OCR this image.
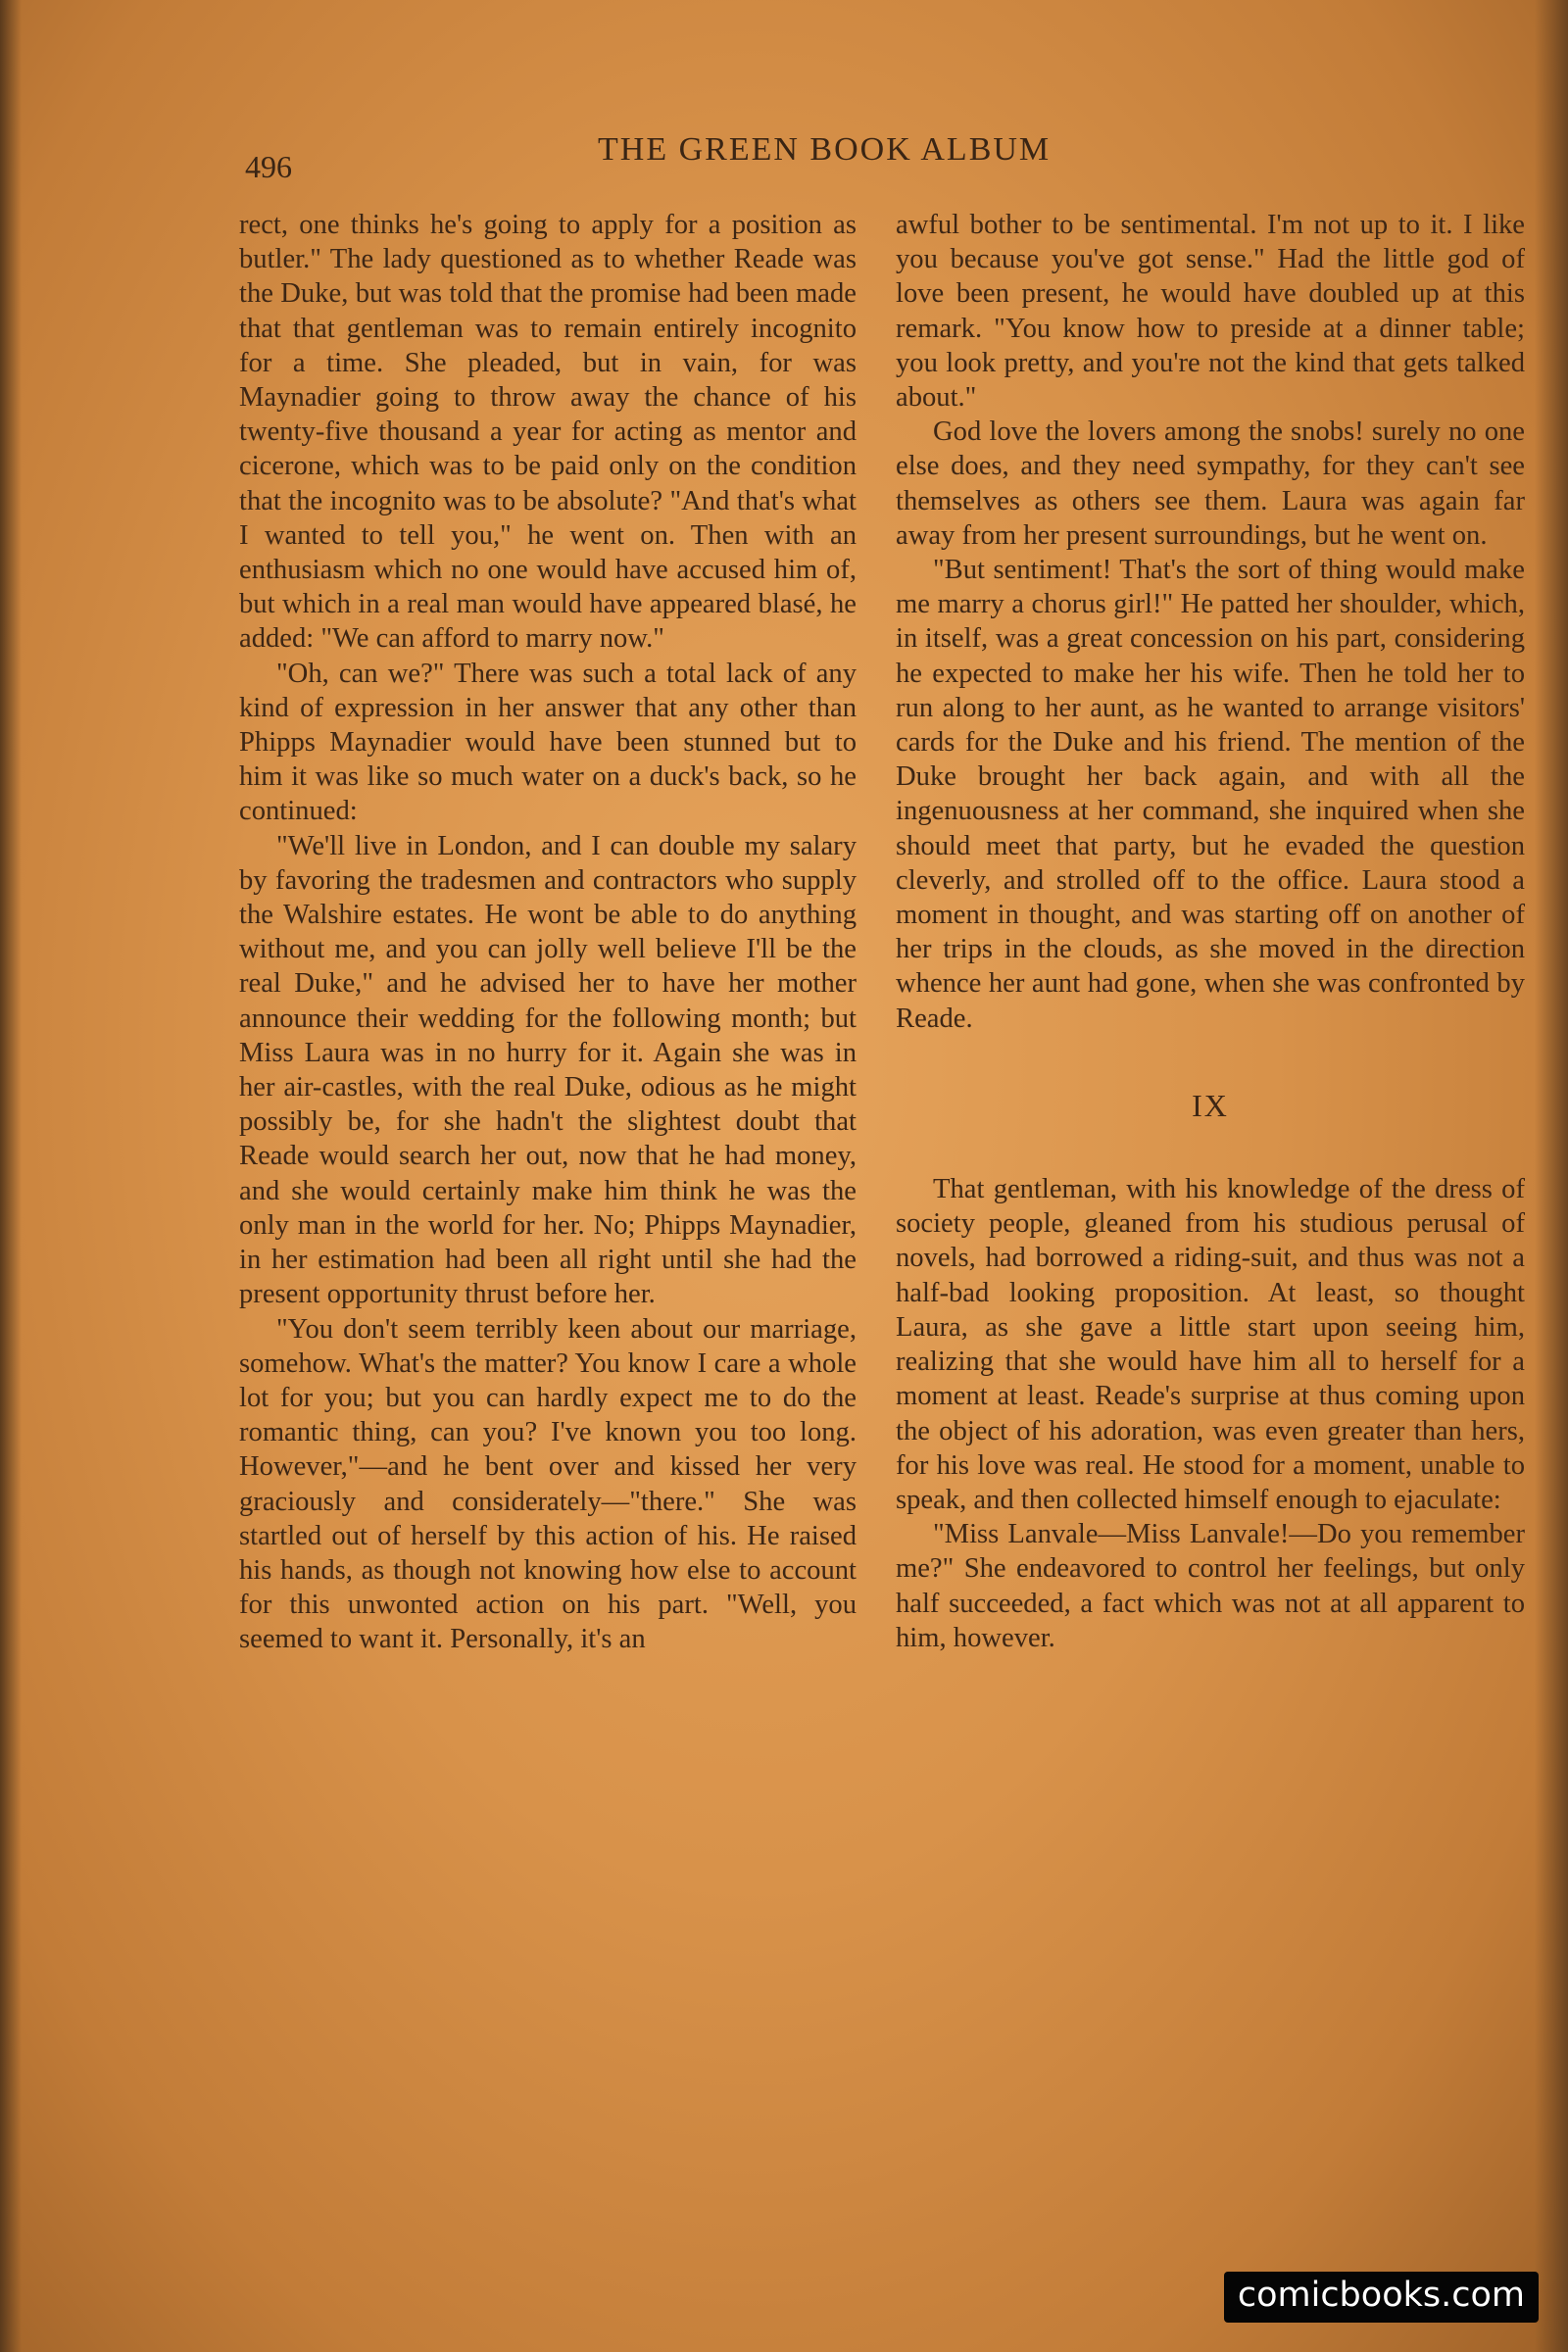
496	THE GREEN BOOK ALBUM

rect, one thinks he's going to apply for a position as butler." The lady questioned as to whether Reade was the Duke, but was told that the promise had been made that that gentleman was to remain entirely incognito for a time. She pleaded, but in vain, for was Maynadier going to throw away the chance of his twenty-five thousand a year for acting as mentor and cicerone, which was to be paid only on the condition that the incognito was to be absolute? "And that's what I wanted to tell you," he went on. Then with an enthusiasm which no one would have accused him of, but which in a real man would have appeared blasé, he added: "We can afford to marry now."

"Oh, can we?" There was such a total lack of any kind of expression in her answer that any other than Phipps Maynadier would have been stunned but to him it was like so much water on a duck's back, so he continued:

"We'll live in London, and I can double my salary by favoring the tradesmen and contractors who supply the Walshire estates. He wont be able to do anything without me, and you can jolly well believe I'll be the real Duke," and he advised her to have her mother announce their wedding for the following month; but Miss Laura was in no hurry for it. Again she was in her air-castles, with the real Duke, odious as he might possibly be, for she hadn't the slightest doubt that Reade would search her out, now that he had money, and she would certainly make him think he was the only man in the world for her. No; Phipps Maynadier, in her estimation had been all right until she had the present opportunity thrust before her.

"You don't seem terribly keen about our marriage, somehow. What's the matter? You know I care a whole lot for you; but you can hardly expect me to do the romantic thing, can you? I've known you too long. However,"—and he bent over and kissed her very graciously and considerately—"there." She was startled out of herself by this action of his. He raised his hands, as though not knowing how else to account for this unwonted action on his part. "Well, you seemed to want it. Personally, it's an

awful bother to be sentimental. I'm not up to it. I like you because you've got sense." Had the little god of love been present, he would have doubled up at this remark. "You know how to preside at a dinner table; you look pretty, and you're not the kind that gets talked about."

God love the lovers among the snobs! surely no one else does, and they need sympathy, for they can't see themselves as others see them. Laura was again far away from her present surroundings, but he went on.

"But sentiment! That's the sort of thing would make me marry a chorus girl!" He patted her shoulder, which, in itself, was a great concession on his part, considering he expected to make her his wife. Then he told her to run along to her aunt, as he wanted to arrange visitors' cards for the Duke and his friend. The mention of the Duke brought her back again, and with all the ingenuousness at her command, she inquired when she should meet that party, but he evaded the question cleverly, and strolled off to the office. Laura stood a moment in thought, and was starting off on another of her trips in the clouds, as she moved in the direction whence her aunt had gone, when she was confronted by Reade.

IX

That gentleman, with his knowledge of the dress of society people, gleaned from his studious perusal of novels, had borrowed a riding-suit, and thus was not a half-bad looking proposition. At least, so thought Laura, as she gave a little start upon seeing him, realizing that she would have him all to herself for a moment at least. Reade's surprise at thus coming upon the object of his adoration, was even greater than hers, for his love was real. He stood for a moment, unable to speak, and then collected himself enough to ejaculate:

"Miss Lanvale—Miss Lanvale!—Do you remember me?" She endeavored to control her feelings, but only half succeeded, a fact which was not at all apparent to him, however.

comicbooks.com
